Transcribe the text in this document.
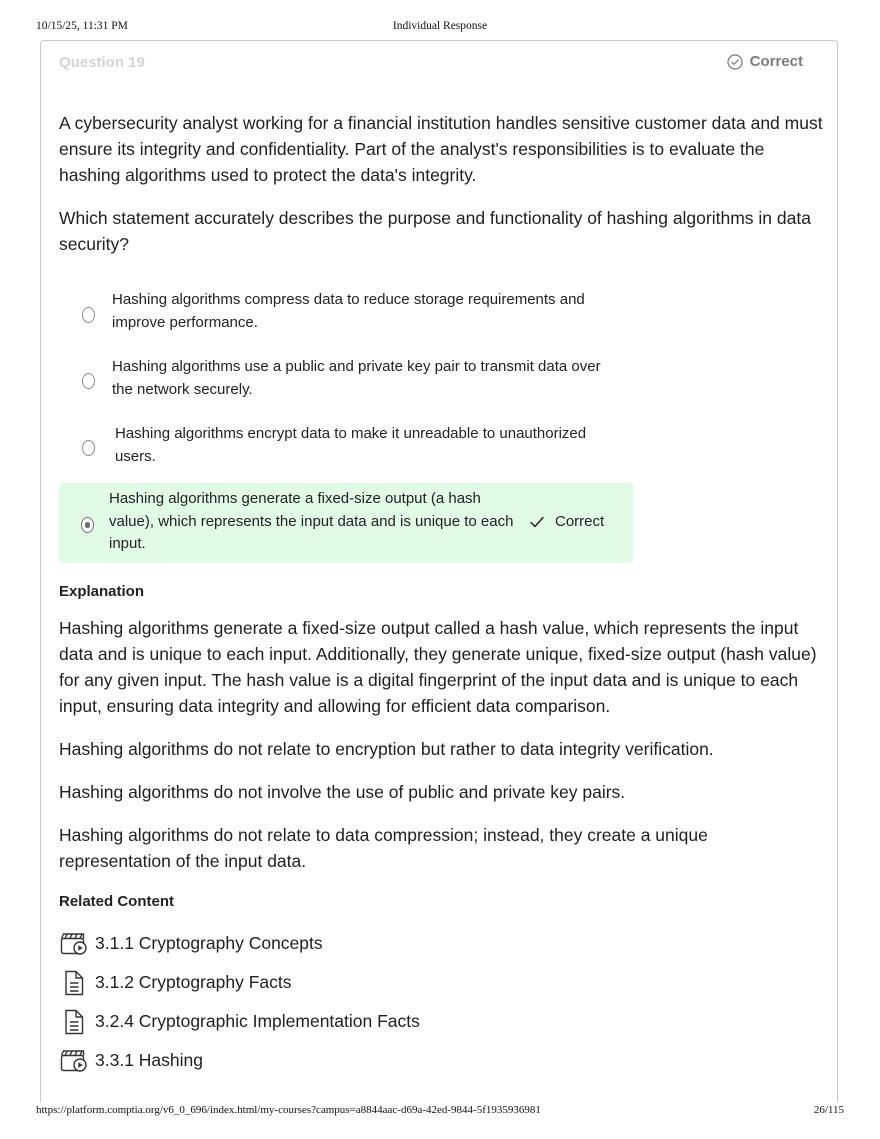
10/15/25, 11:31 PM	Individual Response
Question 19	Correct

A cybersecurity analyst working for a financial institution handles sensitive customer data and must ensure its integrity and confidentiality. Part of the analyst's responsibilities is to evaluate the hashing algorithms used to protect the data's integrity.

Which statement accurately describes the purpose and functionality of hashing algorithms in data security?

Hashing algorithms compress data to reduce storage requirements and improve performance.
Hashing algorithms use a public and private key pair to transmit data over the network securely.
Hashing algorithms encrypt data to make it unreadable to unauthorized users.
Hashing algorithms generate a fixed-size output (a hash value), which represents the input data and is unique to each input.
Correct
Explanation

Hashing algorithms generate a fixed-size output called a hash value, which represents the input data and is unique to each input. Additionally, they generate unique, fixed-size output (hash value) for any given input. The hash value is a digital fingerprint of the input data and is unique to each input, ensuring data integrity and allowing for efficient data comparison.

Hashing algorithms do not relate to encryption but rather to data integrity verification.

Hashing algorithms do not involve the use of public and private key pairs.

Hashing algorithms do not relate to data compression; instead, they create a unique representation of the input data.

Related Content
3.1.1 Cryptography Concepts
3.1.2 Cryptography Facts
3.2.4 Cryptographic Implementation Facts
3.3.1 Hashing
https://platform.comptia.org/v6_0_696/index.html/my-courses?campus=a8844aac-d69a-42ed-9844-5f1935936981	26/115
